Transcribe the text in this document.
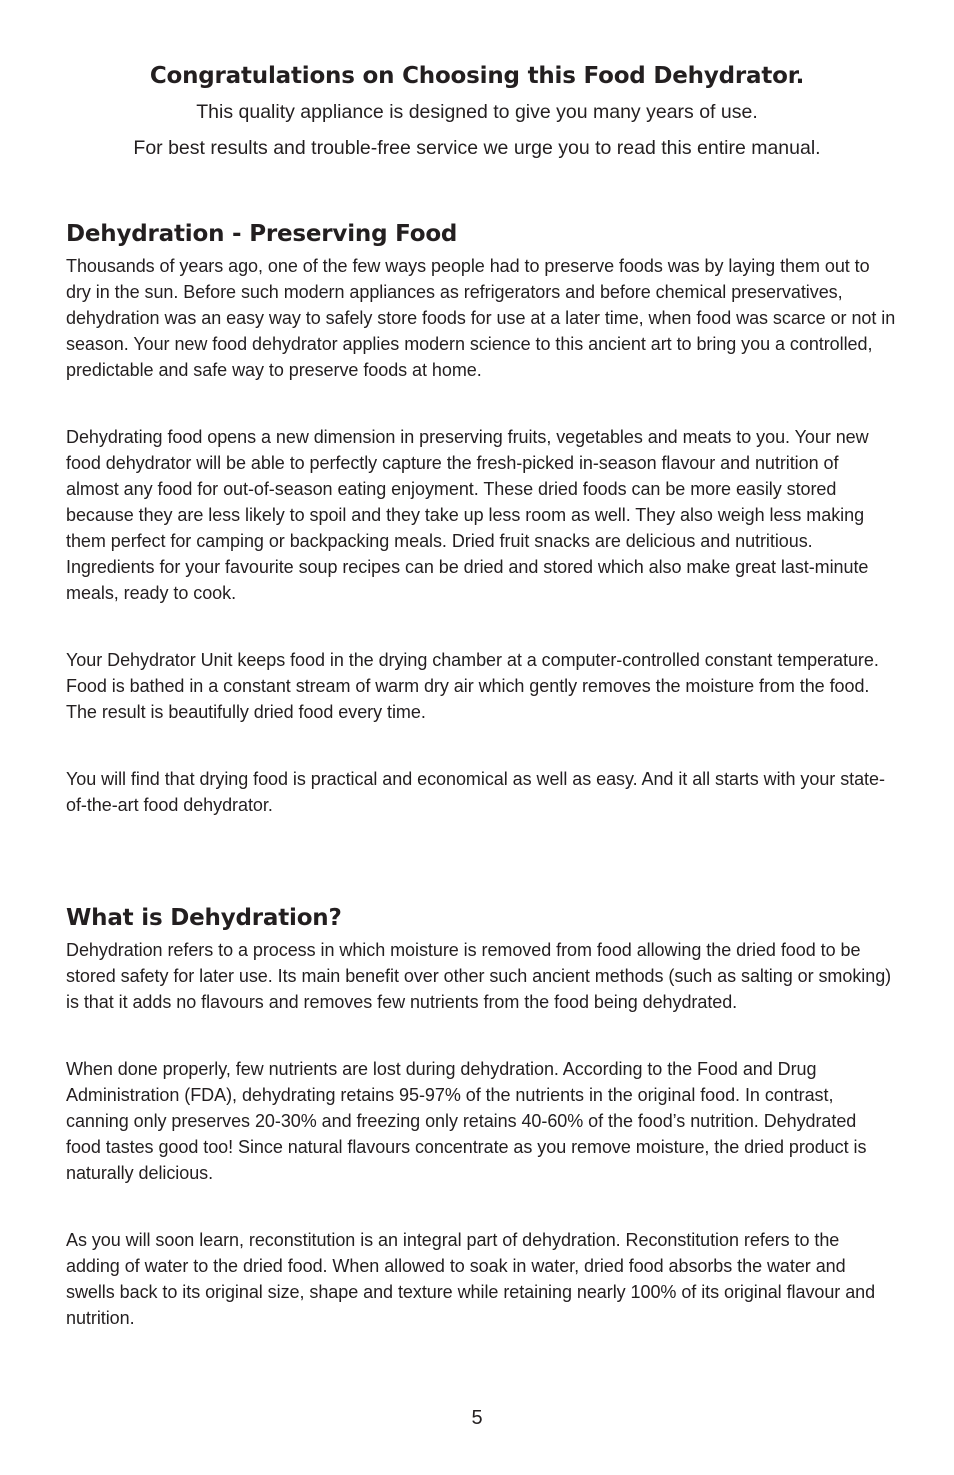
Congratulations on Choosing this Food Dehydrator.

This quality appliance is designed to give you many years of use.

For best results and trouble-free service we urge you to read this entire manual.

Dehydration - Preserving Food

Thousands of years ago, one of the few ways people had to preserve foods was by laying them out to dry in the sun. Before such modern appliances as refrigerators and before chemical preservatives, dehydration was an easy way to safely store foods for use at a later time, when food was scarce or not in season. Your new food dehydrator applies modern science to this ancient art to bring you a controlled, predictable and safe way to preserve foods at home.

Dehydrating food opens a new dimension in preserving fruits, vegetables and meats to you. Your new food dehydrator will be able to perfectly capture the fresh-picked in-season flavour and nutrition of almost any food for out-of-season eating enjoyment. These dried foods can be more easily stored because they are less likely to spoil and they take up less room as well. They also weigh less making them perfect for camping or backpacking meals. Dried fruit snacks are delicious and nutritious. Ingredients for your favourite soup recipes can be dried and stored which also make great last-minute meals, ready to cook.

Your Dehydrator Unit keeps food in the drying chamber at a computer-controlled constant temperature. Food is bathed in a constant stream of warm dry air which gently removes the moisture from the food. The result is beautifully dried food every time.

You will find that drying food is practical and economical as well as easy. And it all starts with your state-of-the-art food dehydrator.

What is Dehydration?

Dehydration refers to a process in which moisture is removed from food allowing the dried food to be stored safety for later use. Its main benefit over other such ancient methods (such as salting or smoking) is that it adds no flavours and removes few nutrients from the food being dehydrated.

When done properly, few nutrients are lost during dehydration. According to the Food and Drug Administration (FDA), dehydrating retains 95-97% of the nutrients in the original food. In contrast, canning only preserves 20-30% and freezing only retains 40-60% of the food’s nutrition. Dehydrated food tastes good too! Since natural flavours concentrate as you remove moisture, the dried product is naturally delicious.

As you will soon learn, reconstitution is an integral part of dehydration. Reconstitution refers to the adding of water to the dried food. When allowed to soak in water, dried food absorbs the water and swells back to its original size, shape and texture while retaining nearly 100% of its original flavour and nutrition.

5
